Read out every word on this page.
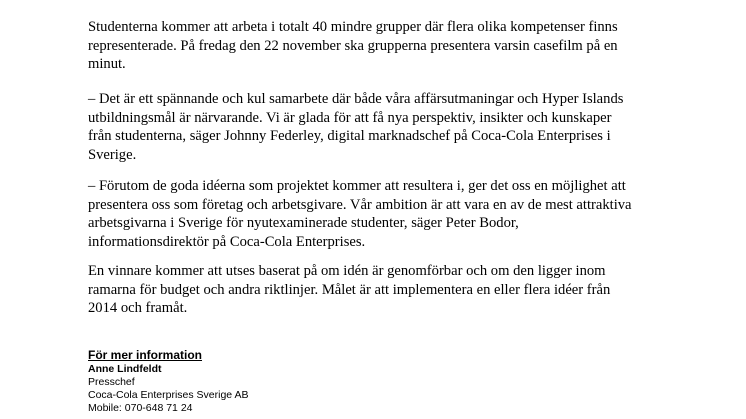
Studenterna kommer att arbeta i totalt 40 mindre grupper där flera olika kompetenser finns
representerade. På fredag den 22 november ska grupperna presentera varsin casefilm på en
minut.
– Det är ett spännande och kul samarbete där både våra affärsutmaningar och Hyper Islands
utbildningsmål är närvarande. Vi är glada för att få nya perspektiv, insikter och kunskaper
från studenterna, säger Johnny Federley, digital marknadschef på Coca-Cola Enterprises i
Sverige.
– Förutom de goda idéerna som projektet kommer att resultera i, ger det oss en möjlighet att
presentera oss som företag och arbetsgivare. Vår ambition är att vara en av de mest attraktiva
arbetsgivarna i Sverige för nyutexaminerade studenter, säger Peter Bodor,
informationsdirektör på Coca-Cola Enterprises.
En vinnare kommer att utses baserat på om idén är genomförbar och om den ligger inom
ramarna för budget och andra riktlinjer. Målet är att implementera en eller flera idéer från
2014 och framåt.
För mer information
Anne Lindfeldt
Presschef
Coca-Cola Enterprises Sverige AB
Mobile: 070-648 71 24
